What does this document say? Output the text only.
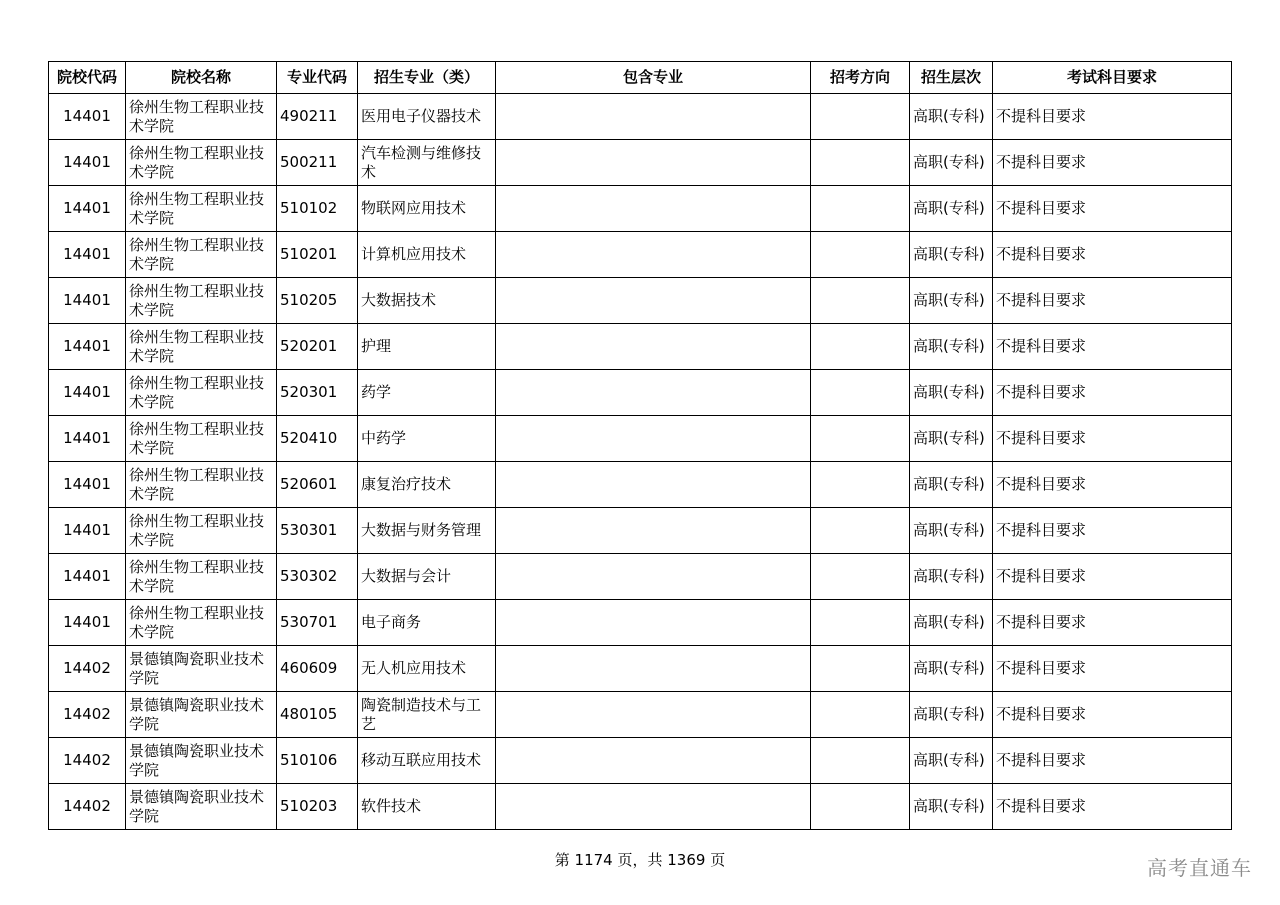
院校代码	院校名称	专业代码	招生专业（类）	包含专业	招考方向	招生层次	考试科目要求
14401	徐州生物工程职业技术学院	490211	医用电子仪器技术			高职(专科)	不提科目要求
14401	徐州生物工程职业技术学院	500211	汽车检测与维修技术			高职(专科)	不提科目要求
14401	徐州生物工程职业技术学院	510102	物联网应用技术			高职(专科)	不提科目要求
14401	徐州生物工程职业技术学院	510201	计算机应用技术			高职(专科)	不提科目要求
14401	徐州生物工程职业技术学院	510205	大数据技术			高职(专科)	不提科目要求
14401	徐州生物工程职业技术学院	520201	护理			高职(专科)	不提科目要求
14401	徐州生物工程职业技术学院	520301	药学			高职(专科)	不提科目要求
14401	徐州生物工程职业技术学院	520410	中药学			高职(专科)	不提科目要求
14401	徐州生物工程职业技术学院	520601	康复治疗技术			高职(专科)	不提科目要求
14401	徐州生物工程职业技术学院	530301	大数据与财务管理			高职(专科)	不提科目要求
14401	徐州生物工程职业技术学院	530302	大数据与会计			高职(专科)	不提科目要求
14401	徐州生物工程职业技术学院	530701	电子商务			高职(专科)	不提科目要求
14402	景德镇陶瓷职业技术学院	460609	无人机应用技术			高职(专科)	不提科目要求
14402	景德镇陶瓷职业技术学院	480105	陶瓷制造技术与工艺			高职(专科)	不提科目要求
14402	景德镇陶瓷职业技术学院	510106	移动互联应用技术			高职(专科)	不提科目要求
14402	景德镇陶瓷职业技术学院	510203	软件技术			高职(专科)	不提科目要求
第 1174 页，共 1369 页	高考直通车
